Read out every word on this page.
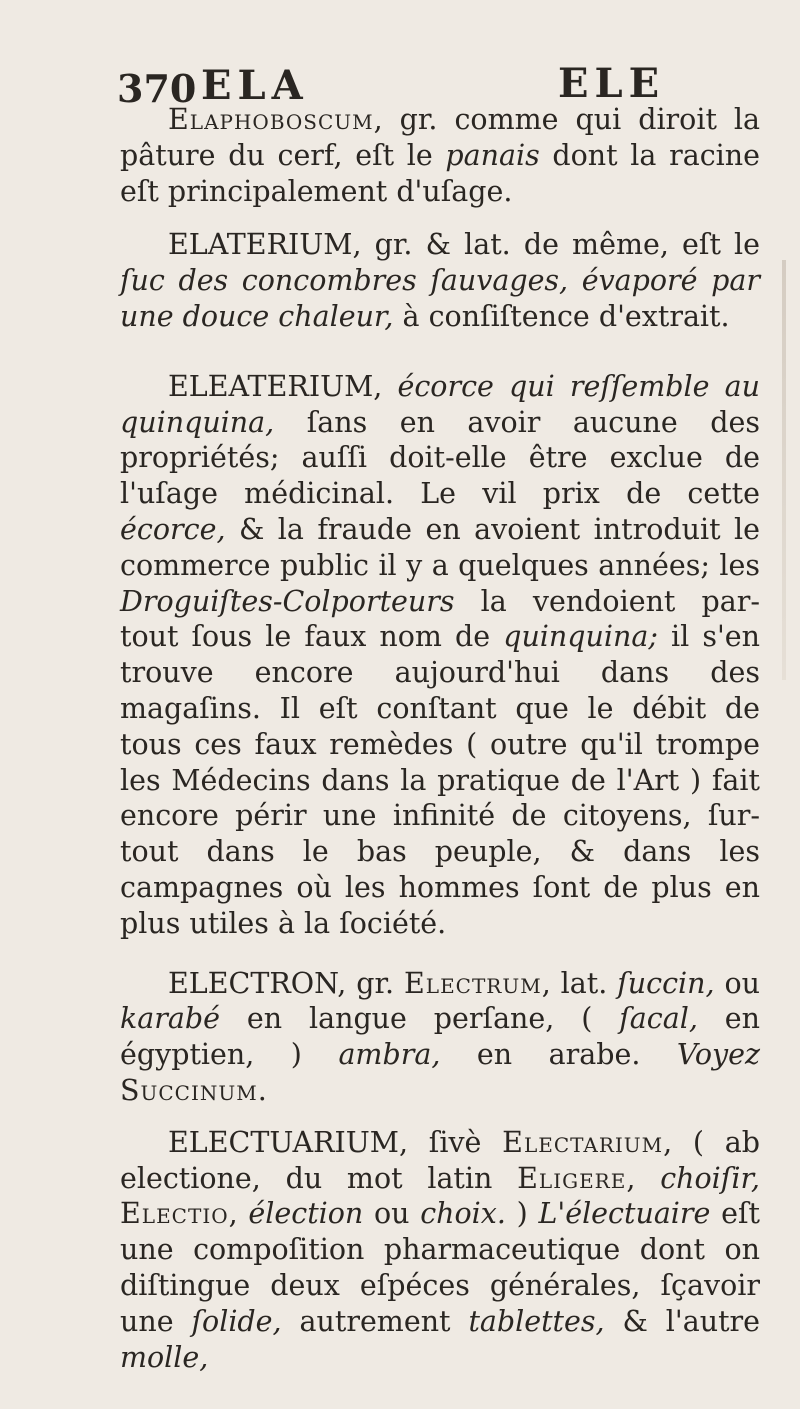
370 ELA	ELE

Elaphoboscum, gr. comme qui diroit la pâture du cerf, eſt le panais dont la racine eſt principalement d'uſage.

ELATERIUM, gr. & lat. de même, eſt le ſuc des concombres ſauvages, évaporé par une douce chaleur, à conſiſtence d'extrait.

ELEATERIUM, écorce qui reſſemble au quinquina, ſans en avoir aucune des propriétés; auſſi doit-elle être exclue de l'uſage médicinal. Le vil prix de cette écorce, & la fraude en avoient introduit le commerce public il y a quelques années; les Droguiſtes-Colporteurs la vendoient par-tout ſous le faux nom de quinquina; il s'en trouve encore aujourd'hui dans des magaſins. Il eſt conſtant que le débit de tous ces faux remèdes ( outre qu'il trompe les Médecins dans la pratique de l'Art ) fait encore périr une infinité de citoyens, ſur-tout dans le bas peuple, & dans les campagnes où les hommes ſont de plus en plus utiles à la ſociété.

ELECTRON, gr. Electrum, lat. ſuccin, ou karabé en langue perſane, ( ſacal, en égyptien, ) ambra, en arabe. Voyez Succinum.

ELECTUARIUM, ſivè Electarium, ( ab electione, du mot latin Eligere, choiſir, Electio, élection ou choix. ) L'électuaire eſt une compoſition pharmaceutique dont on diſtingue deux eſpéces générales, ſçavoir une ſolide, autrement tablettes, & l'autre molle,
